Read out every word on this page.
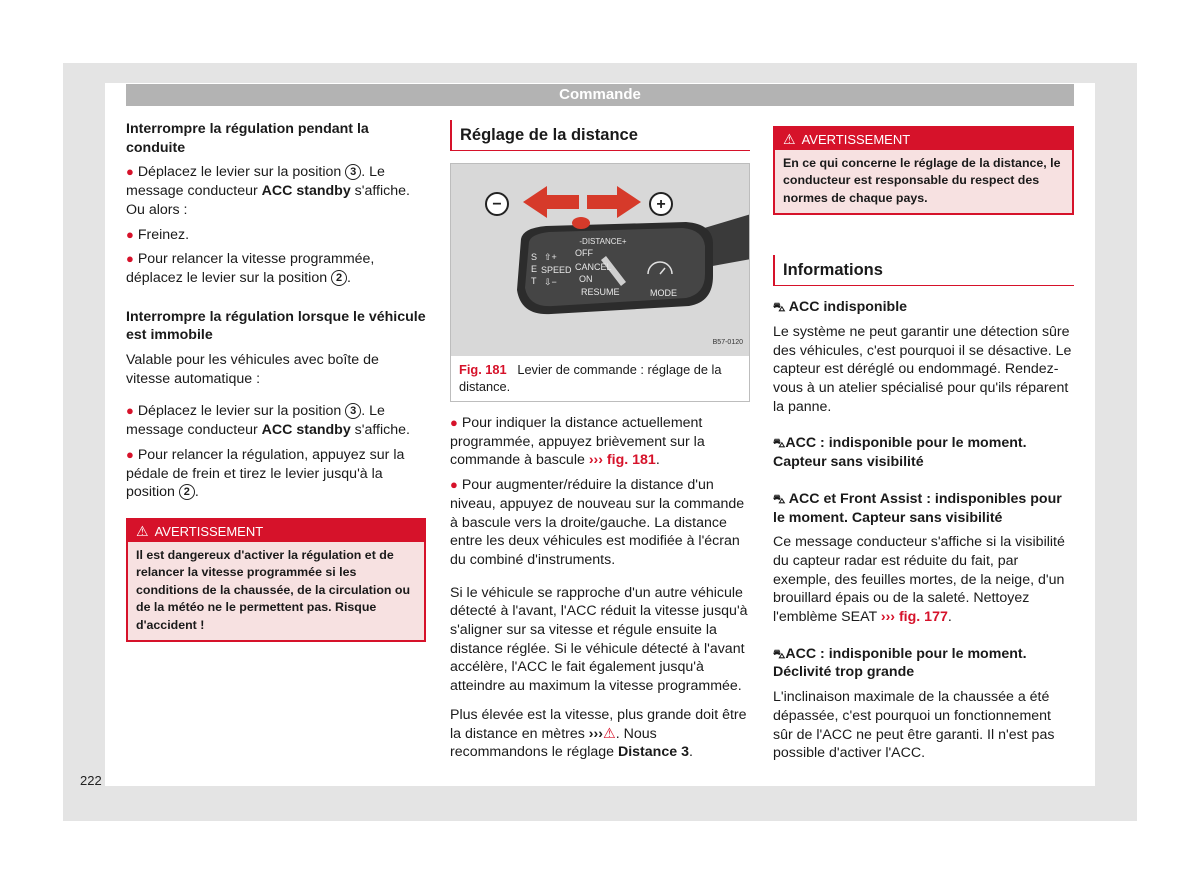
Commande

Interrompre la régulation pendant la conduite

● Déplacez le levier sur la position 3 . Le message conducteur ACC standby s'affiche. Ou alors :

● Freinez.

● Pour relancer la vitesse programmée, déplacez le levier sur la position 2 .

Interrompre la régulation lorsque le véhicule est immobile

Valable pour les véhicules avec boîte de vitesse automatique :

● Déplacez le levier sur la position 3 . Le message conducteur ACC standby s'affiche.

● Pour relancer la régulation, appuyez sur la pédale de frein et tirez le levier jusqu'à la position 2 .

⚠ AVERTISSEMENT
Il est dangereux d'activer la régulation et de relancer la vitesse programmée si les conditions de la chaussée, de la circulation ou de la météo ne le permettent pas. Risque d'accident !
Réglage de la distance
−	+
-DISTANCE+
S
E
T
SPEED
⇧+
⇩−
OFF
CANCEL
ON
RESUME	MODE
B57-0120
Fig. 181 Levier de commande : réglage de la distance.

● Pour indiquer la distance actuellement programmée, appuyez brièvement sur la commande à bascule ››› fig. 181.

● Pour augmenter/réduire la distance d'un niveau, appuyez de nouveau sur la commande à bascule vers la droite/gauche. La distance entre les deux véhicules est modifiée à l'écran du combiné d'instruments.

Si le véhicule se rapproche d'un autre véhicule détecté à l'avant, l'ACC réduit la vitesse jusqu'à s'aligner sur sa vitesse et régule ensuite la distance réglée. Si le véhicule détecté à l'avant accélère, l'ACC le fait également jusqu'à atteindre au maximum la vitesse programmée.

Plus élevée est la vitesse, plus grande doit être la distance en mètres ›››⚠. Nous recommandons le réglage Distance 3.

⚠ AVERTISSEMENT
En ce qui concerne le réglage de la distance, le conducteur est responsable du respect des normes de chaque pays.
Informations

⛍ ACC indisponible

Le système ne peut garantir une détection sûre des véhicules, c'est pourquoi il se désactive. Le capteur est déréglé ou endommagé. Rendez-vous à un atelier spécialisé pour qu'ils réparent la panne.

⛍ACC : indisponible pour le moment. Capteur sans visibilité

⛍ ACC et Front Assist : indisponibles pour le moment. Capteur sans visibilité

Ce message conducteur s'affiche si la visibilité du capteur radar est réduite du fait, par exemple, des feuilles mortes, de la neige, d'un brouillard épais ou de la saleté. Nettoyez l'emblème SEAT ››› fig. 177.

⛍ACC : indisponible pour le moment. Déclivité trop grande

L'inclinaison maximale de la chaussée a été dépassée, c'est pourquoi un fonctionnement sûr de l'ACC ne peut être garanti. Il n'est pas possible d'activer l'ACC.

222
